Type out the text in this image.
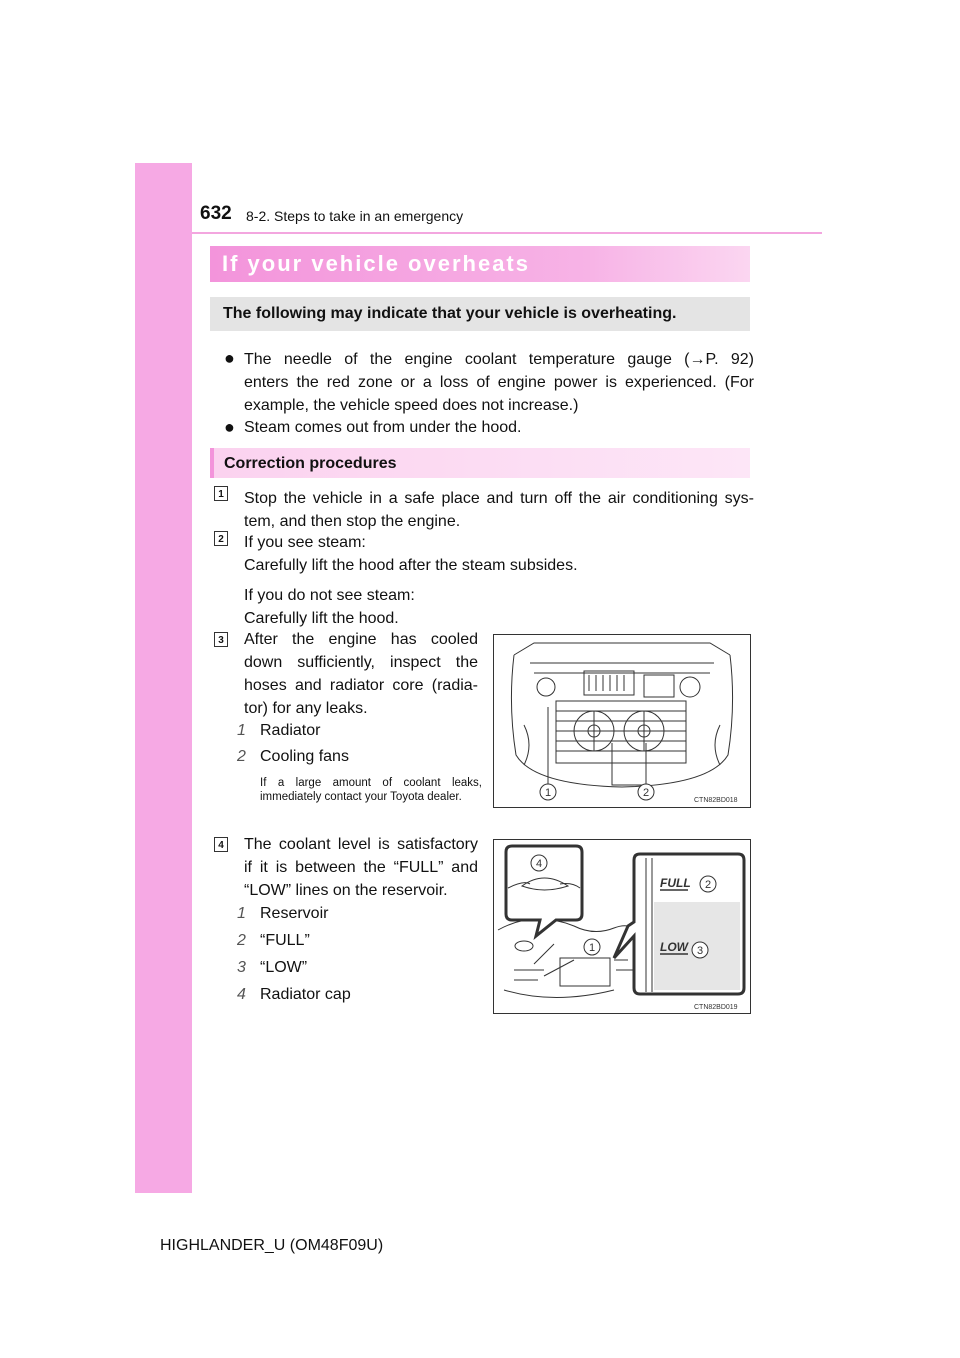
632 8-2. Steps to take in an emergency
If your vehicle overheats
The following may indicate that your vehicle is overheating.
● The needle of the engine coolant temperature gauge (→P. 92)
enters the red zone or a loss of engine power is experienced. (For
example, the vehicle speed does not increase.)
● Steam comes out from under the hood.
Correction procedures
1 Stop the vehicle in a safe place and turn off the air conditioning sys-
tem, and then stop the engine.
2 If you see steam:
Carefully lift the hood after the steam subsides.
If you do not see steam:
Carefully lift the hood.
3 After the engine has cooled
down sufficiently, inspect the
hoses and radiator core (radia-
tor) for any leaks.
1 Radiator
2 Cooling fans
If a large amount of coolant leaks, immediately contact your Toyota dealer.	1	2
CTN82BD018
4 The coolant level is satisfactory
if it is between the “FULL” and
“LOW” lines on the reservoir.
1 Reservoir
2 “FULL”
3 “LOW”
4 Radiator cap
4
FULL
LOW
2
3
1
CTN82BD019
HIGHLANDER_U (OM48F09U)
